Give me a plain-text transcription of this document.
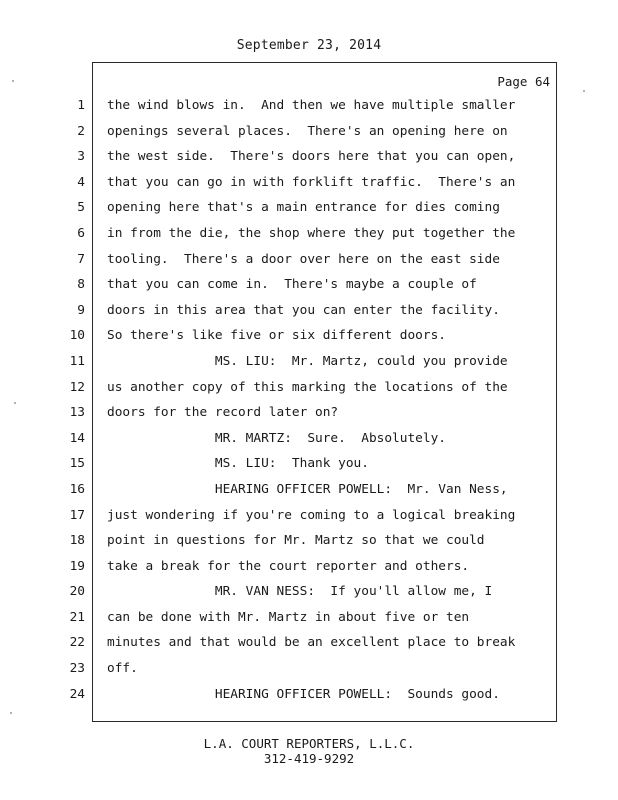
September 23, 2014
Page 64
1 the wind blows in.  And then we have multiple smaller
2 openings several places.  There's an opening here on
3 the west side.  There's doors here that you can open,
4 that you can go in with forklift traffic.  There's an
5 opening here that's a main entrance for dies coming
6 in from the die, the shop where they put together the
7 tooling.  There's a door over here on the east side
8 that you can come in.  There's maybe a couple of
9 doors in this area that you can enter the facility.
10 So there's like five or six different doors.
11 MS. LIU:  Mr. Martz, could you provide
12 us another copy of this marking the locations of the
13 doors for the record later on?
14 MR. MARTZ:  Sure.  Absolutely.
15 MS. LIU:  Thank you.
16 HEARING OFFICER POWELL:  Mr. Van Ness,
17 just wondering if you're coming to a logical breaking
18 point in questions for Mr. Martz so that we could
19 take a break for the court reporter and others.
20 MR. VAN NESS:  If you'll allow me, I
21 can be done with Mr. Martz in about five or ten
22 minutes and that would be an excellent place to break
23 off.
24 HEARING OFFICER POWELL:  Sounds good.
L.A. COURT REPORTERS, L.L.C.
312-419-9292
